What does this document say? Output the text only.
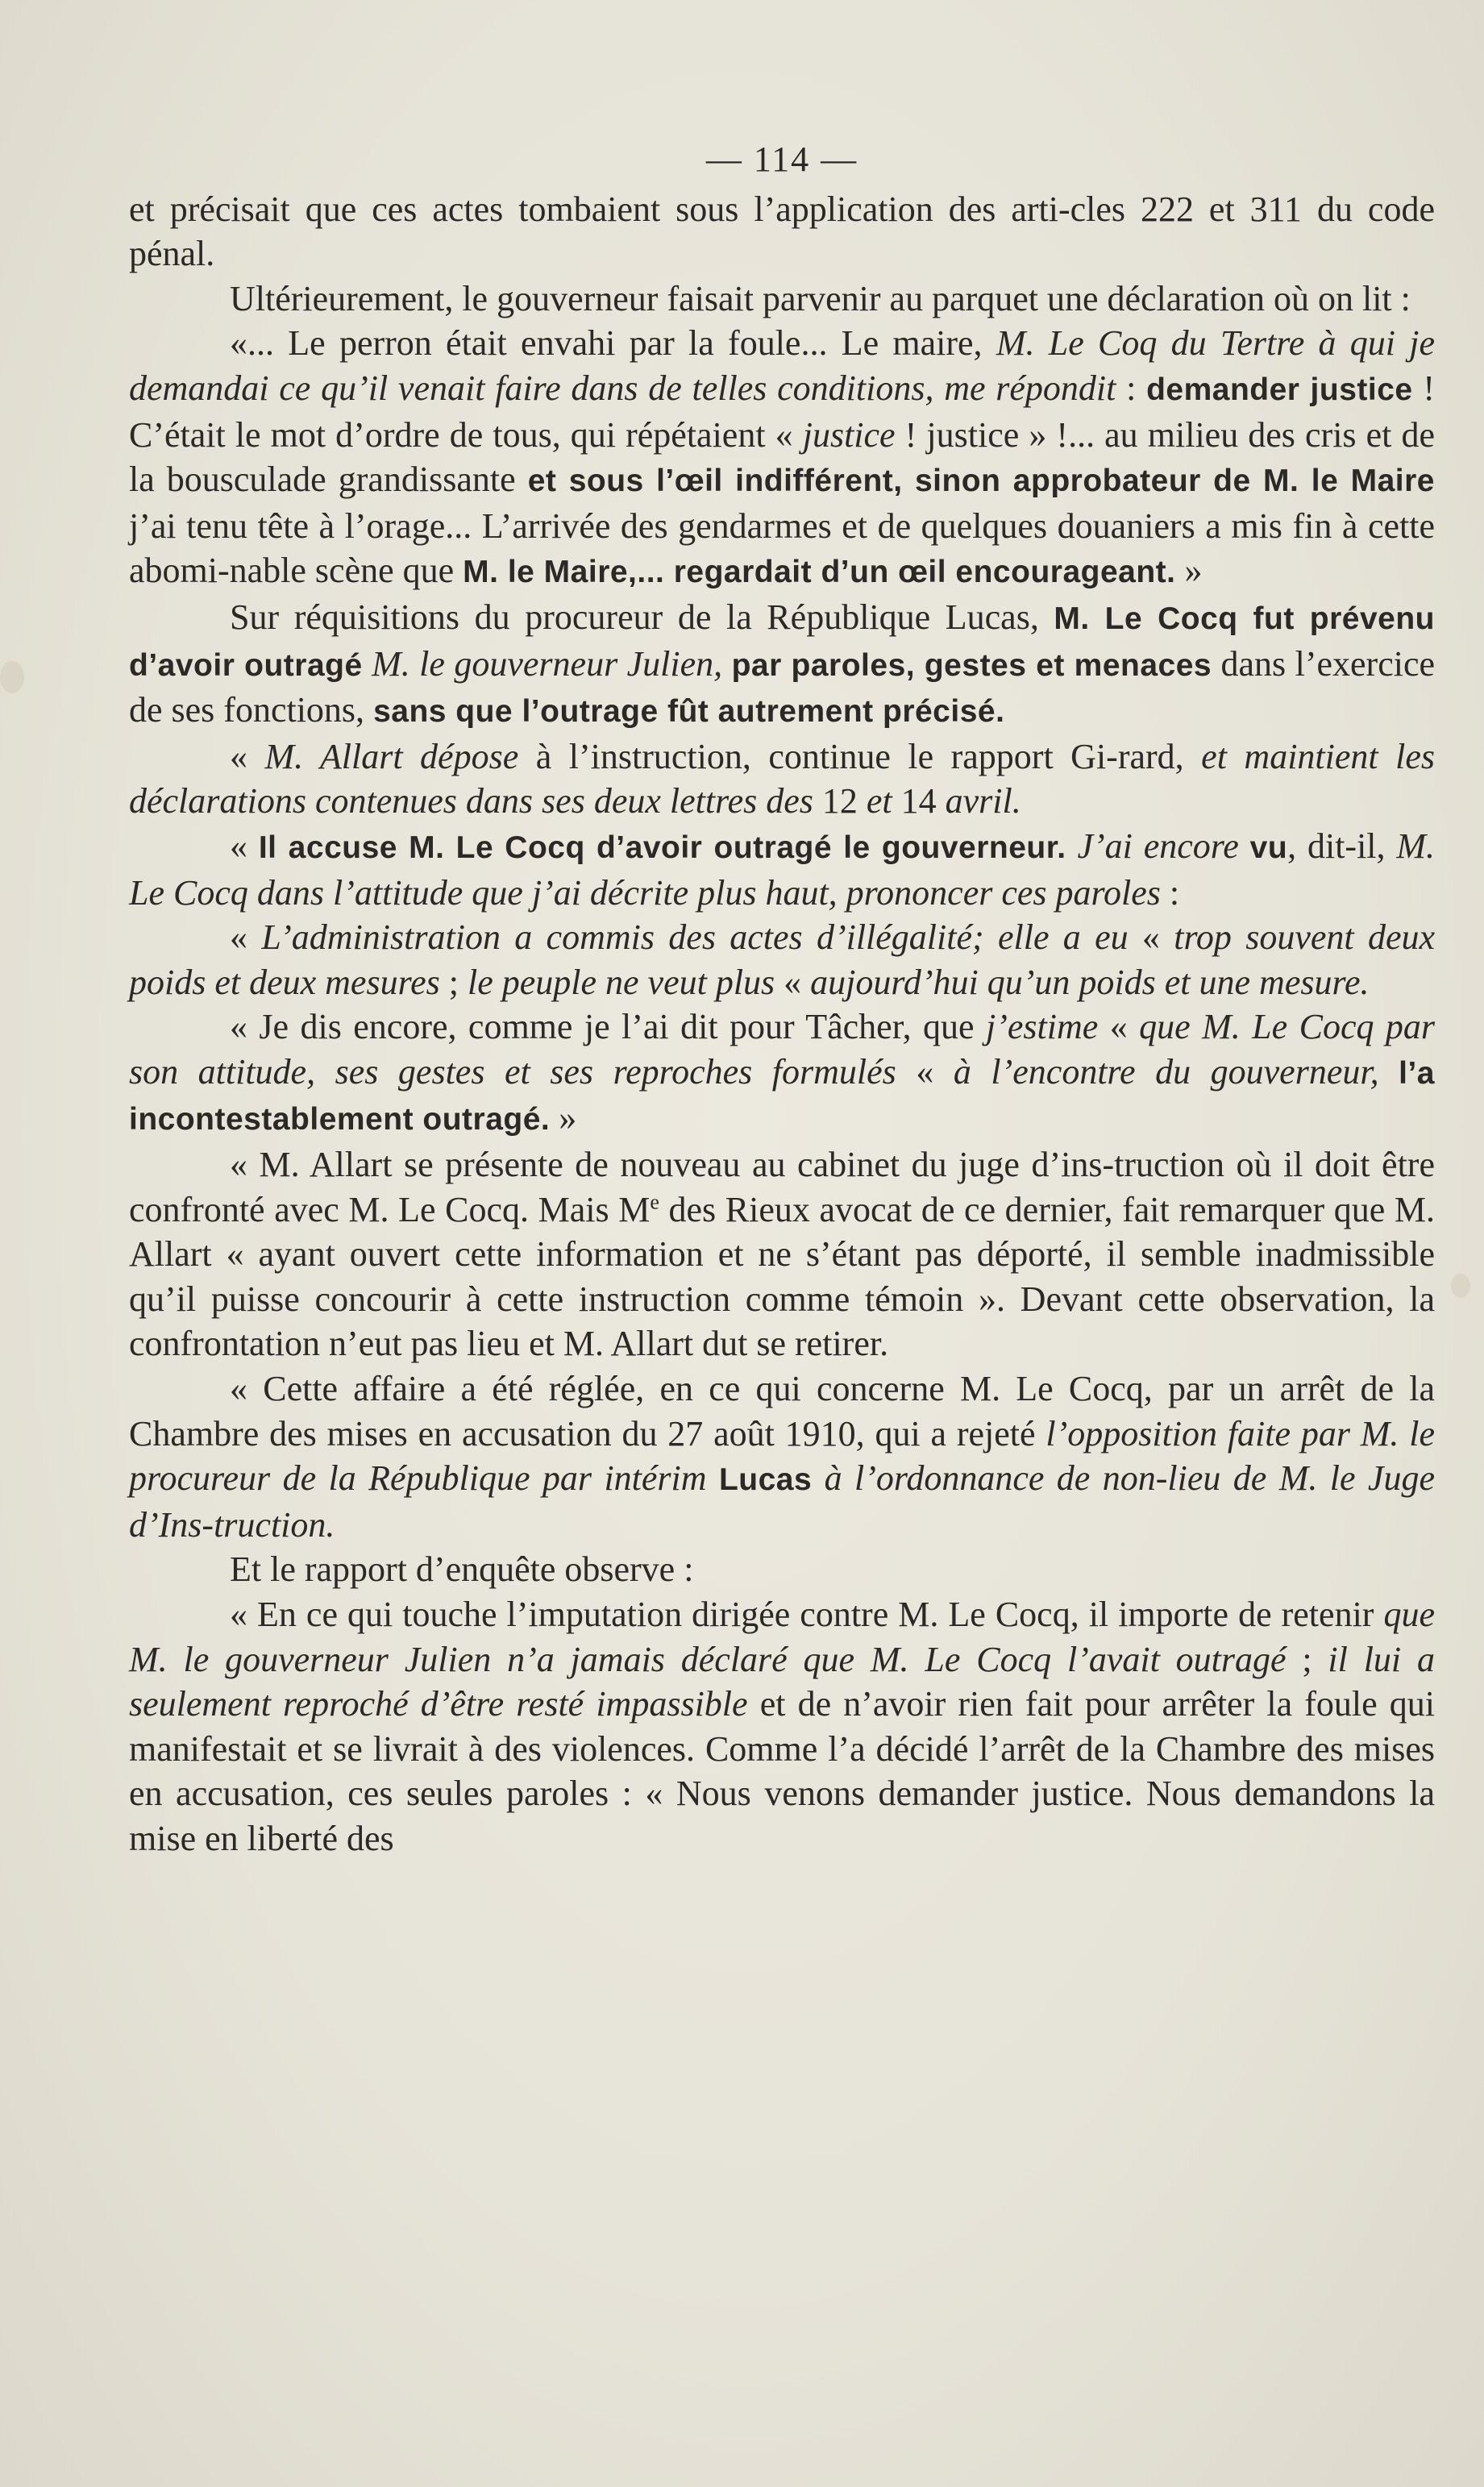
— 114 —

et précisait que ces actes tombaient sous l’application des arti-cles 222 et 311 du code pénal.

Ultérieurement, le gouverneur faisait parvenir au parquet une déclaration où on lit :

«... Le perron était envahi par la foule... Le maire, M. Le Coq du Tertre à qui je demandai ce qu’il venait faire dans de telles conditions, me répondit : demander justice ! C’était le mot d’ordre de tous, qui répétaient « justice ! justice » !... au milieu des cris et de la bousculade grandissante et sous l’œil indifférent, sinon approbateur de M. le Maire j’ai tenu tête à l’orage... L’arrivée des gendarmes et de quelques douaniers a mis fin à cette abomi-nable scène que M. le Maire,... regardait d’un œil encourageant. »

Sur réquisitions du procureur de la République Lucas, M. Le Cocq fut prévenu d’avoir outragé M. le gouverneur Julien, par paroles, gestes et menaces dans l’exercice de ses fonctions, sans que l’outrage fût autrement précisé.

« M. Allart dépose à l’instruction, continue le rapport Gi-rard, et maintient les déclarations contenues dans ses deux lettres des 12 et 14 avril.

« Il accuse M. Le Cocq d’avoir outragé le gouverneur. J’ai encore vu, dit-il, M. Le Cocq dans l’attitude que j’ai décrite plus haut, prononcer ces paroles :

« L’administration a commis des actes d’illégalité; elle a eu « trop souvent deux poids et deux mesures ; le peuple ne veut plus « aujourd’hui qu’un poids et une mesure.

« Je dis encore, comme je l’ai dit pour Tâcher, que j’estime « que M. Le Cocq par son attitude, ses gestes et ses reproches formulés « à l’encontre du gouverneur, l’a incontestablement outragé. »

« M. Allart se présente de nouveau au cabinet du juge d’ins-truction où il doit être confronté avec M. Le Cocq. Mais Me des Rieux avocat de ce dernier, fait remarquer que M. Allart « ayant ouvert cette information et ne s’étant pas déporté, il semble inadmissible qu’il puisse concourir à cette instruction comme témoin ». Devant cette observation, la confrontation n’eut pas lieu et M. Allart dut se retirer.

« Cette affaire a été réglée, en ce qui concerne M. Le Cocq, par un arrêt de la Chambre des mises en accusation du 27 août 1910, qui a rejeté l’opposition faite par M. le procureur de la République par intérim Lucas à l’ordonnance de non-lieu de M. le Juge d’Ins-truction.

Et le rapport d’enquête observe :

« En ce qui touche l’imputation dirigée contre M. Le Cocq, il importe de retenir que M. le gouverneur Julien n’a jamais déclaré que M. Le Cocq l’avait outragé ; il lui a seulement reproché d’être resté impassible et de n’avoir rien fait pour arrêter la foule qui manifestait et se livrait à des violences. Comme l’a décidé l’arrêt de la Chambre des mises en accusation, ces seules paroles : « Nous venons demander justice. Nous demandons la mise en liberté des
